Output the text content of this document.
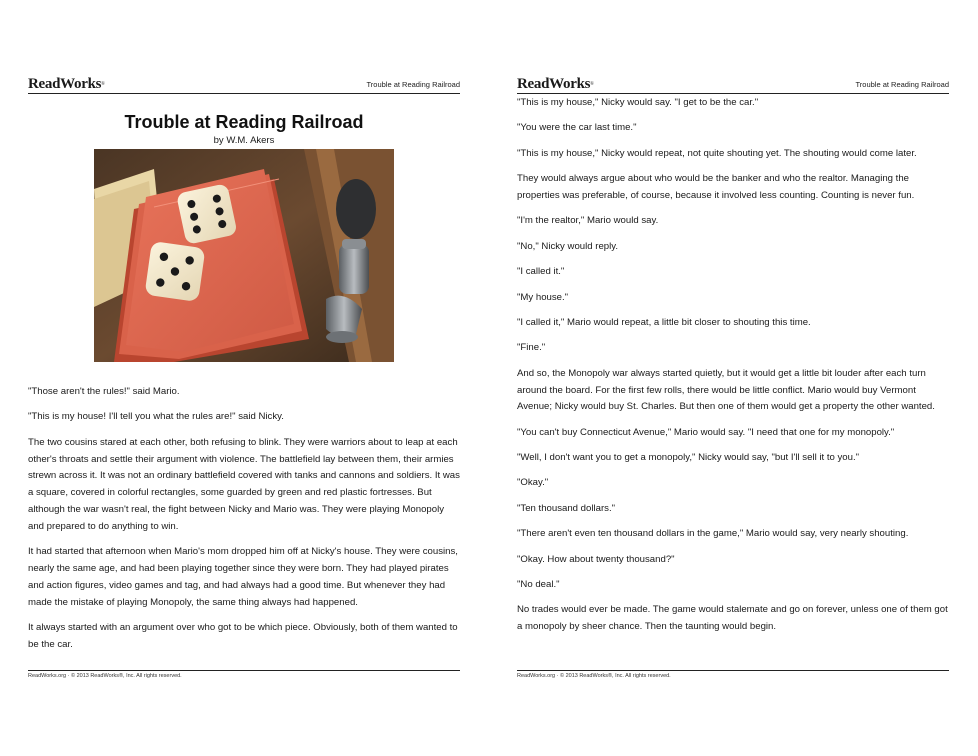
ReadWorks®	Trouble at Reading Railroad
Trouble at Reading Railroad
by W.M. Akers

"Those aren't the rules!" said Mario.

"This is my house! I'll tell you what the rules are!" said Nicky.

The two cousins stared at each other, both refusing to blink. They were warriors about to leap at each other's throats and settle their argument with violence. The battlefield lay between them, their armies strewn across it. It was not an ordinary battlefield covered with tanks and cannons and soldiers. It was a square, covered in colorful rectangles, some guarded by green and red plastic fortresses. But although the war wasn't real, the fight between Nicky and Mario was. They were playing Monopoly and prepared to do anything to win.

It had started that afternoon when Mario's mom dropped him off at Nicky's house. They were cousins, nearly the same age, and had been playing together since they were born. They had played pirates and action figures, video games and tag, and had always had a good time. But whenever they had made the mistake of playing Monopoly, the same thing always had happened.

It always started with an argument over who got to be which piece. Obviously, both of them wanted to be the car.

ReadWorks.org · © 2013 ReadWorks®, Inc. All rights reserved.
ReadWorks®	Trouble at Reading Railroad

"This is my house," Nicky would say. "I get to be the car."

"You were the car last time."

"This is my house," Nicky would repeat, not quite shouting yet. The shouting would come later.

They would always argue about who would be the banker and who the realtor. Managing the properties was preferable, of course, because it involved less counting. Counting is never fun.

"I'm the realtor," Mario would say.

"No," Nicky would reply.

"I called it."

"My house."

"I called it," Mario would repeat, a little bit closer to shouting this time.

"Fine."

And so, the Monopoly war always started quietly, but it would get a little bit louder after each turn around the board. For the first few rolls, there would be little conflict. Mario would buy Vermont Avenue; Nicky would buy St. Charles. But then one of them would get a property the other wanted.

"You can't buy Connecticut Avenue," Mario would say. "I need that one for my monopoly."

"Well, I don't want you to get a monopoly," Nicky would say, "but I'll sell it to you."

"Okay."

"Ten thousand dollars."

"There aren't even ten thousand dollars in the game," Mario would say, very nearly shouting.

"Okay. How about twenty thousand?"

"No deal."

No trades would ever be made. The game would stalemate and go on forever, unless one of them got a monopoly by sheer chance. Then the taunting would begin.

ReadWorks.org · © 2013 ReadWorks®, Inc. All rights reserved.
